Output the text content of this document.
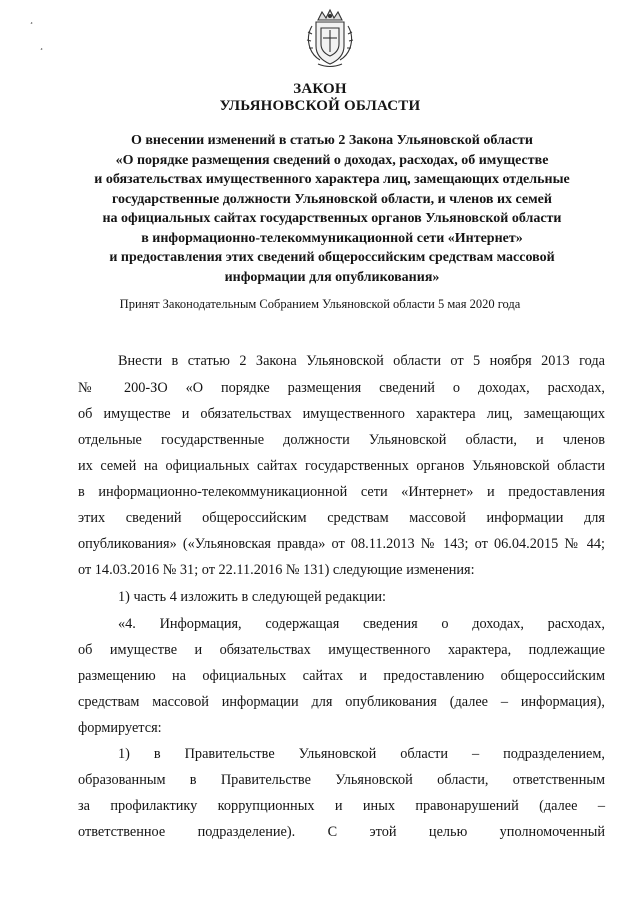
¸
¸
ЗАКОН
УЛЬЯНОВСКОЙ ОБЛАСТИ
О внесении изменений в статью 2 Закона Ульяновской области
«О порядке размещения сведений о доходах, расходах, об имуществе
и обязательствах имущественного характера лиц, замещающих отдельные
государственные должности Ульяновской области, и членов их семей
на официальных сайтах государственных органов Ульяновской области
в информационно-телекоммуникационной сети «Интернет»
и предоставления этих сведений общероссийским средствам массовой
информации для опубликования»
Принят Законодательным Собранием Ульяновской области 5 мая 2020 года
Внести в статью 2 Закона Ульяновской области от 5 ноября 2013 года
№ 200-ЗО «О порядке размещения сведений о доходах, расходах,
об имуществе и обязательствах имущественного характера лиц, замещающих
отдельные государственные должности Ульяновской области, и членов
их семей на официальных сайтах государственных органов Ульяновской области
в информационно-телекоммуникационной сети «Интернет» и предоставления
этих сведений общероссийским средствам массовой информации для
опубликования» («Ульяновская правда» от 08.11.2013 № 143; от 06.04.2015 № 44;
от 14.03.2016 № 31; от 22.11.2016 № 131) следующие изменения:
1) часть 4 изложить в следующей редакции:
«4. Информация, содержащая сведения о доходах, расходах,
об имуществе и обязательствах имущественного характера, подлежащие
размещению на официальных сайтах и предоставлению общероссийским
средствам массовой информации для опубликования (далее – информация),
формируется:
1) в Правительстве Ульяновской области – подразделением,
образованным в Правительстве Ульяновской области, ответственным
за профилактику коррупционных и иных правонарушений (далее –
ответственное подразделение). С этой целью уполномоченный
